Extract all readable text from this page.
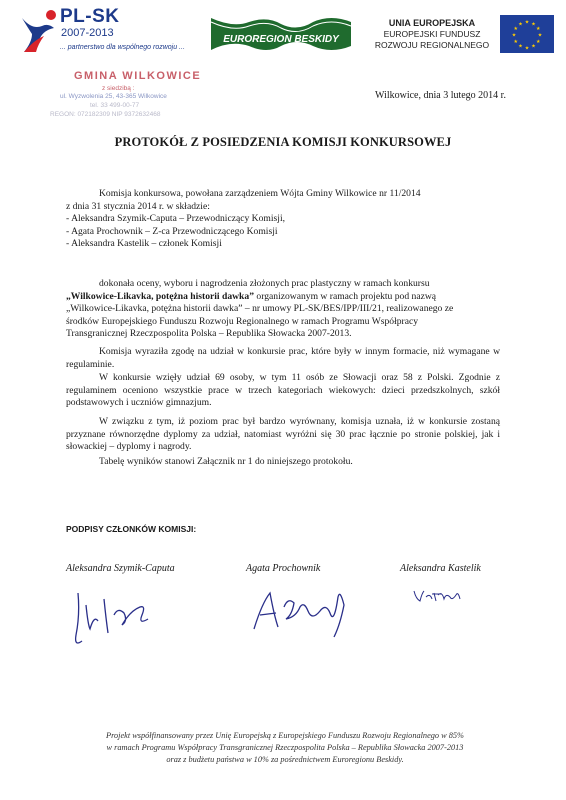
PL-SK
2007-2013
... partnerstwo dla wspólnego rozwoju ...
EUROREGION BESKIDY
UNIA EUROPEJSKA
EUROPEJSKI FUNDUSZ
ROZWOJU REGIONALNEGO
★ ★
★
★
★
★
★
★
★
★
★
★
GMINA WILKOWICE
z siedzibą :
ul. Wyzwolenia 25, 43-365 Wilkowice
tel. 33 499-00-77
REGON: 072182309 NIP 9372632468
Wilkowice, dnia 3 lutego 2014 r.
PROTOKÓŁ Z POSIEDZENIA KOMISJI KONKURSOWEJ
Komisja konkursowa, powołana zarządzeniem Wójta Gminy Wilkowice nr 11/2014
z dnia 31 stycznia 2014 r. w składzie:
- Aleksandra Szymik-Caputa – Przewodniczący Komisji,
- Agata Prochownik – Z-ca Przewodniczącego Komisji
- Aleksandra Kastelik – członek Komisji
dokonała oceny, wyboru i nagrodzenia złożonych prac plastyczny w ramach konkursu
„Wilkowice-Likavka, potężna historii dawka” organizowanym w ramach projektu pod nazwą
„Wilkowice-Likavka, potężna historii dawka” – nr umowy PL-SK/BES/IPP/III/21, realizowanego ze
środków Europejskiego Funduszu Rozwoju Regionalnego w ramach Programu Współpracy
Transgranicznej Rzeczpospolita Polska – Republika Słowacka 2007-2013.
Komisja wyraziła zgodę na udział w konkursie prac, które były w innym formacie, niż wymagane w regulaminie.
W konkursie wzięły udział 69 osoby, w tym 11 osób ze Słowacji oraz 58 z Polski. Zgodnie z regulaminem oceniono wszystkie prace w trzech kategoriach wiekowych: dzieci przedszkolnych, szkół podstawowych i uczniów gimnazjum.
W związku z tym, iż poziom prac był bardzo wyrównany, komisja uznała, iż w konkursie zostaną przyznane równorzędne dyplomy za udział, natomiast wyróżni się 30 prac łącznie po stronie polskiej, jak i słowackiej – dyplomy i nagrody.
Tabelę wyników stanowi Załącznik nr 1 do niniejszego protokołu.
PODPISY CZŁONKÓW KOMISJI:
Aleksandra Szymik-Caputa	Agata Prochownik	Aleksandra Kastelik
Projekt współfinansowany przez Unię Europejską z Europejskiego Funduszu Rozwoju Regionalnego w 85%
w ramach Programu Współpracy Transgranicznej Rzeczpospolita Polska – Republika Słowacka 2007-2013
oraz z budżetu państwa w 10% za pośrednictwem Euroregionu Beskidy.
